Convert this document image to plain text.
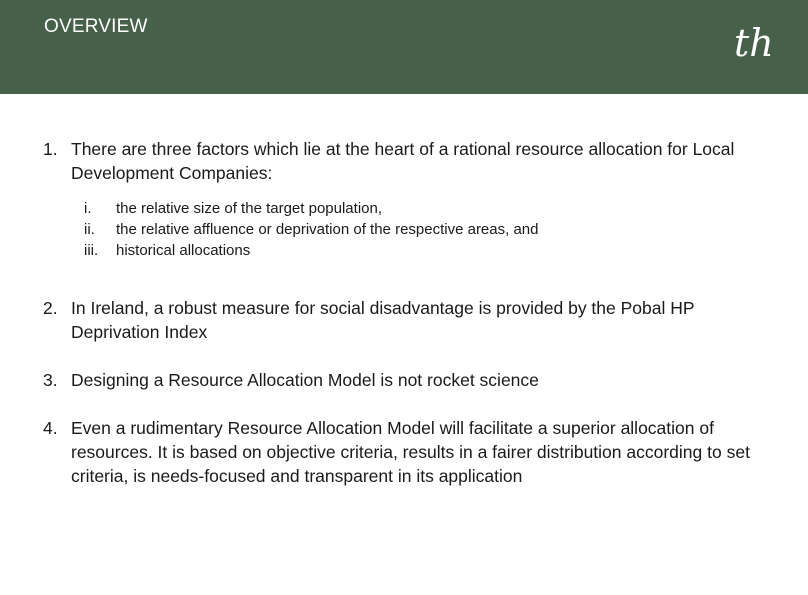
OVERVIEW	th
1. There are three factors which lie at the heart of a rational resource allocation for Local Development Companies:
i. the relative size of the target population,
ii. the relative affluence or deprivation of the respective areas, and
iii. historical allocations
2. In Ireland, a robust measure for social disadvantage is provided by the Pobal HP Deprivation Index
3. Designing a Resource Allocation Model is not rocket science
4. Even a rudimentary Resource Allocation Model will facilitate a superior allocation of resources. It is based on objective criteria, results in a fairer distribution according to set criteria, is needs-focused and transparent in its application
